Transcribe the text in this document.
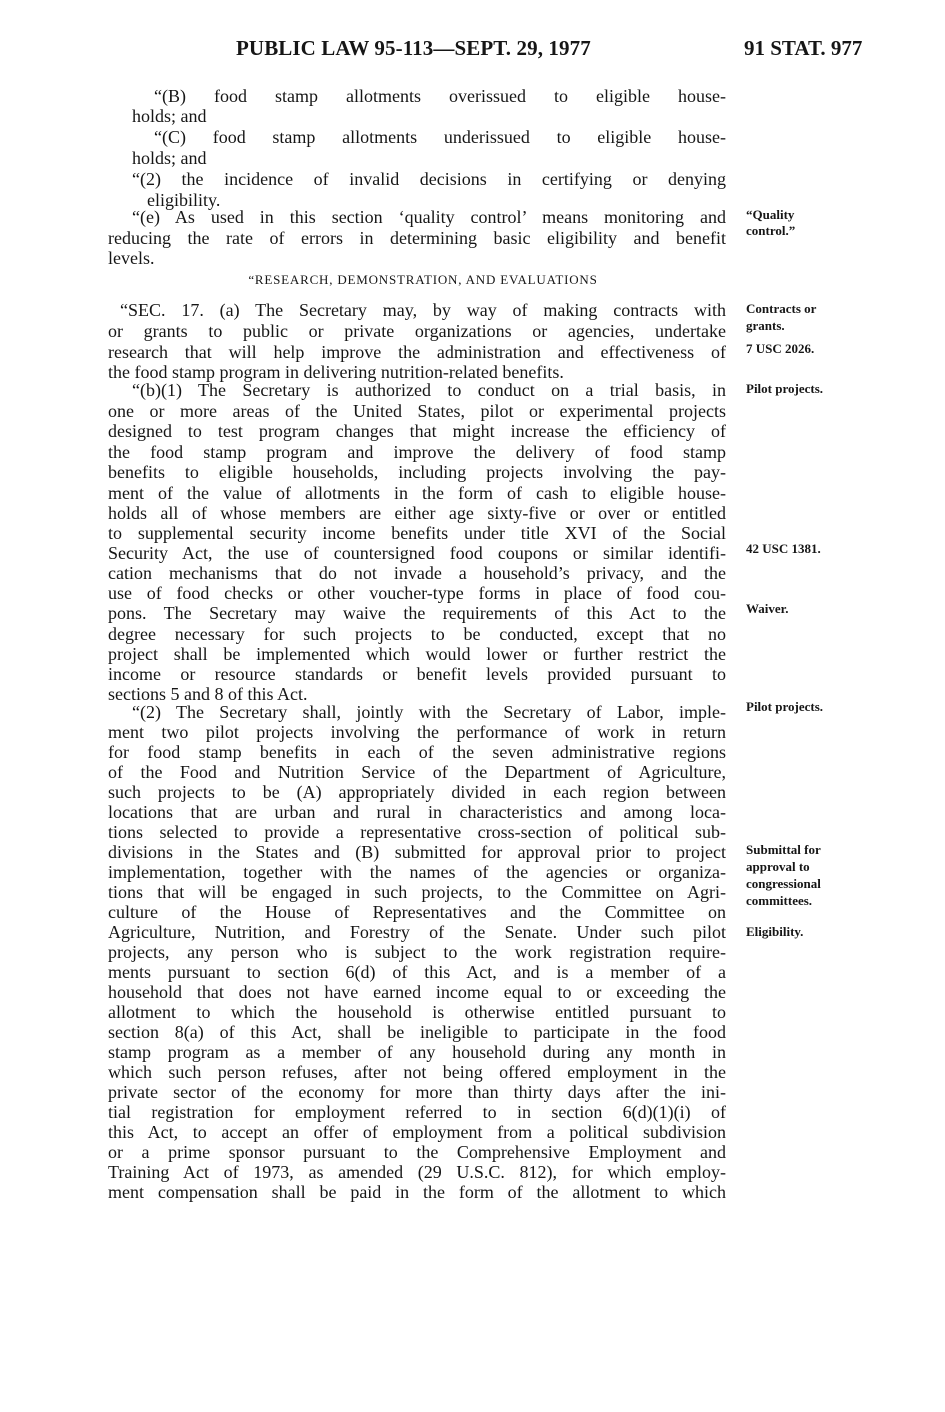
PUBLIC LAW 95-113—SEPT. 29, 1977	91 STAT. 977
“(B) food stamp allotments overissued to eligible house-
holds; and
“(C) food stamp allotments underissued to eligible house-
holds; and
“(2) the incidence of invalid decisions in certifying or denying
eligibility.
“(e) As used in this section ‘quality control’ means monitoring and
reducing the rate of errors in determining basic eligibility and benefit
levels.
“RESEARCH, DEMONSTRATION, AND EVALUATIONS
“SEC. 17. (a) The Secretary may, by way of making contracts with
or grants to public or private organizations or agencies, undertake
research that will help improve the administration and effectiveness of
the food stamp program in delivering nutrition-related benefits.
“(b)(1) The Secretary is authorized to conduct on a trial basis, in
one or more areas of the United States, pilot or experimental projects
designed to test program changes that might increase the efficiency of
the food stamp program and improve the delivery of food stamp
benefits to eligible households, including projects involving the pay-
ment of the value of allotments in the form of cash to eligible house-
holds all of whose members are either age sixty-five or over or entitled
to supplemental security income benefits under title XVI of the Social
Security Act, the use of countersigned food coupons or similar identifi-
cation mechanisms that do not invade a household’s privacy, and the
use of food checks or other voucher-type forms in place of food cou-
pons. The Secretary may waive the requirements of this Act to the
degree necessary for such projects to be conducted, except that no
project shall be implemented which would lower or further restrict the
income or resource standards or benefit levels provided pursuant to
sections 5 and 8 of this Act.
“(2) The Secretary shall, jointly with the Secretary of Labor, imple-
ment two pilot projects involving the performance of work in return
for food stamp benefits in each of the seven administrative regions
of the Food and Nutrition Service of the Department of Agriculture,
such projects to be (A) appropriately divided in each region between
locations that are urban and rural in characteristics and among loca-
tions selected to provide a representative cross-section of political sub-
divisions in the States and (B) submitted for approval prior to project
implementation, together with the names of the agencies or organiza-
tions that will be engaged in such projects, to the Committee on Agri-
culture of the House of Representatives and the Committee on
Agriculture, Nutrition, and Forestry of the Senate. Under such pilot
projects, any person who is subject to the work registration require-
ments pursuant to section 6(d) of this Act, and is a member of a
household that does not have earned income equal to or exceeding the
allotment to which the household is otherwise entitled pursuant to
section 8(a) of this Act, shall be ineligible to participate in the food
stamp program as a member of any household during any month in
which such person refuses, after not being offered employment in the
private sector of the economy for more than thirty days after the ini-
tial registration for employment referred to in section 6(d)(1)(i) of
this Act, to accept an offer of employment from a political subdivision
or a prime sponsor pursuant to the Comprehensive Employment and
Training Act of 1973, as amended (29 U.S.C. 812), for which employ-
ment compensation shall be paid in the form of the allotment to which
“Quality
control.”
Contracts or
grants.
7 USC 2026.
Pilot projects.
42 USC 1381.
Waiver.
Pilot projects.
Submittal for
approval to
congressional
committees.
Eligibility.
